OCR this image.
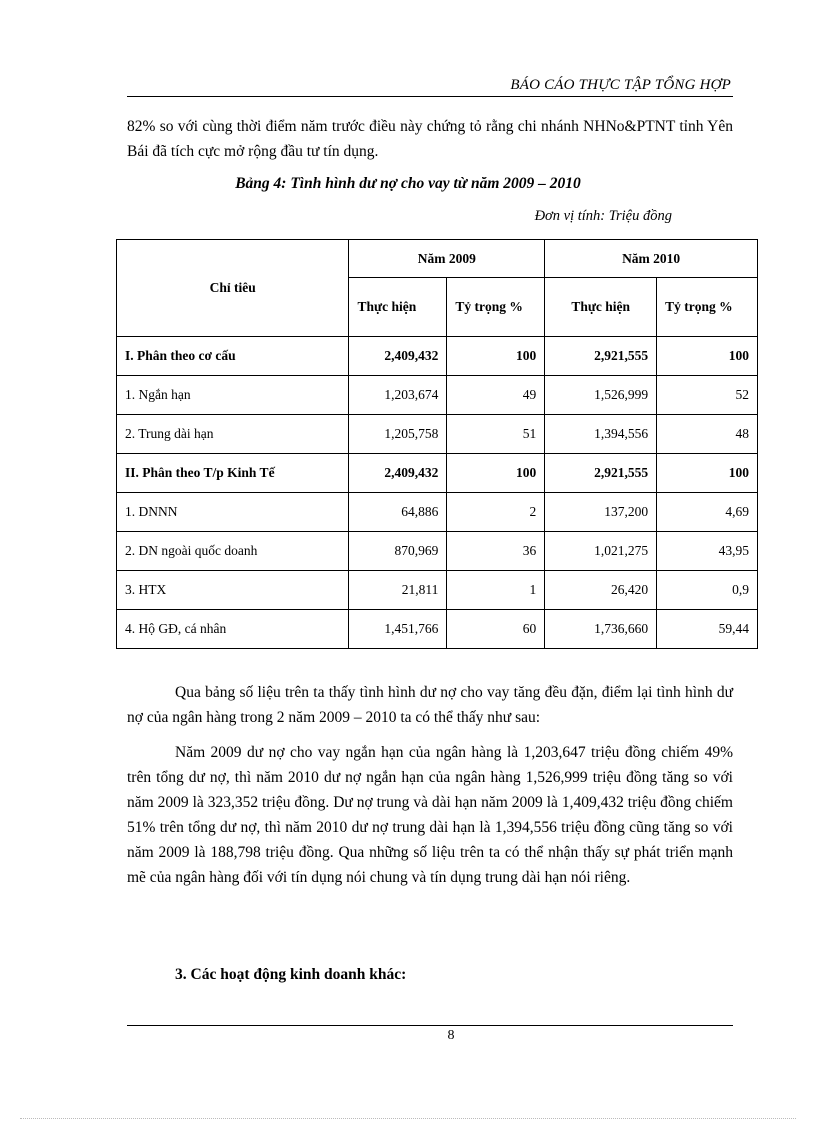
BÁO CÁO THỰC TẬP TỔNG HỢP
82% so với cùng thời điểm năm trước điều này chứng tỏ rằng chi nhánh NHNo&PTNT tỉnh Yên Bái đã tích cực mở rộng đầu tư tín dụng.
Bảng 4: Tình hình dư nợ cho vay từ năm 2009 – 2010
Đơn vị tính: Triệu đồng
Chỉ tiêu	Năm 2009		Năm 2010	
	Thực hiện	Tỷ trọng %	Thực hiện	Tỷ trọng %
I. Phân theo cơ cấu	2,409,432	100	2,921,555	100
1. Ngắn hạn	1,203,674	49	1,526,999	52
2. Trung dài hạn	1,205,758	51	1,394,556	48
II. Phân theo T/p Kinh Tế	2,409,432	100	2,921,555	100
1. DNNN	64,886	2	137,200	4,69
2. DN ngoài quốc doanh	870,969	36	1,021,275	43,95
3. HTX	21,811	1	26,420	0,9
4. Hộ GĐ, cá nhân	1,451,766	60	1,736,660	59,44
Qua bảng số liệu trên ta thấy tình hình dư nợ cho vay tăng đều đặn, điểm lại tình hình dư nợ của ngân hàng trong 2 năm 2009 – 2010 ta có thể thấy như sau:
Năm 2009 dư nợ cho vay ngắn hạn của ngân hàng là 1,203,647 triệu đồng chiếm 49% trên tổng dư nợ, thì năm 2010 dư nợ ngắn hạn của ngân hàng 1,526,999 triệu đồng tăng so với năm 2009 là 323,352 triệu đồng. Dư nợ trung và dài hạn năm 2009 là 1,409,432 triệu đồng chiếm 51% trên tổng dư nợ, thì năm 2010 dư nợ trung dài hạn là 1,394,556 triệu đồng cũng tăng so với năm 2009 là 188,798 triệu đồng. Qua những số liệu trên ta có thể nhận thấy sự phát triển mạnh mẽ của ngân hàng đối với tín dụng nói chung và tín dụng trung dài hạn nói riêng.
3. Các hoạt động kinh doanh khác:
8
